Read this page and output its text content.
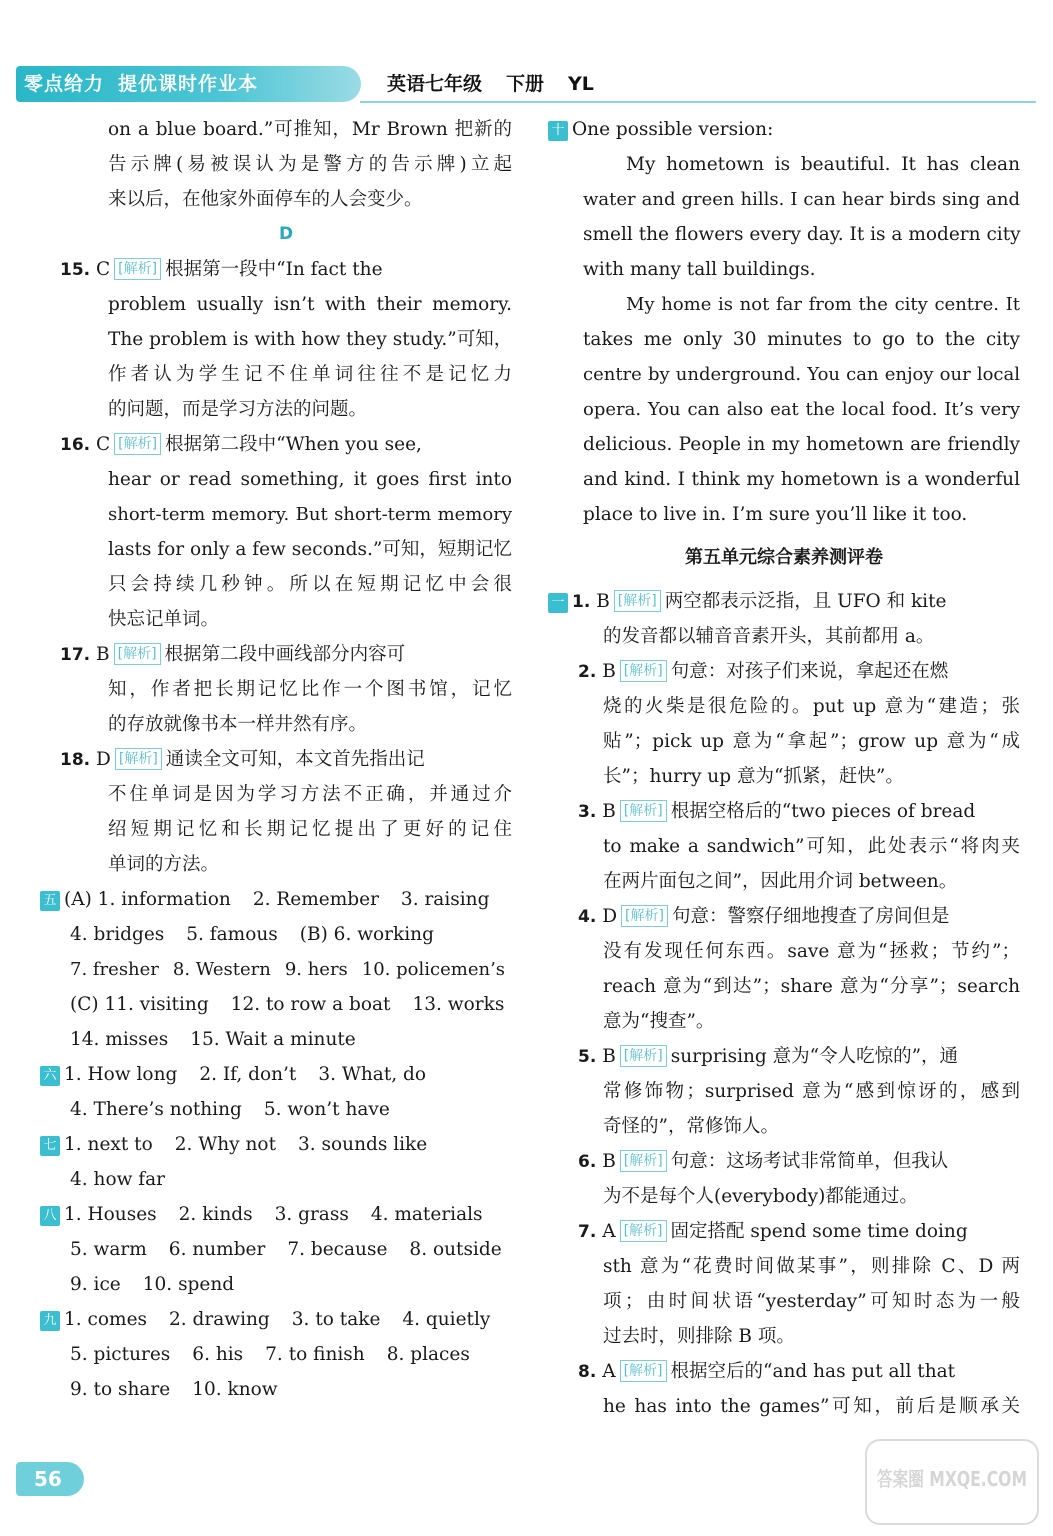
零点给力 提优课时作业本	英语七年级 下册 YL
on a blue board.”可推知，Mr Brown 把新的
告示牌(易被误认为是警方的告示牌)立起
来以后，在他家外面停车的人会变少。
D
15. C [解析] 根据第一段中“In fact the
problem usually isn’t with their memory.
The problem is with how they study.”可知，
作者认为学生记不住单词往往不是记忆力
的问题，而是学习方法的问题。
16. C [解析] 根据第二段中“When you see,
hear or read something, it goes first into
short-term memory. But short-term memory
lasts for only a few seconds.”可知，短期记忆
只会持续几秒钟。所以在短期记忆中会很
快忘记单词。
17. B [解析] 根据第二段中画线部分内容可
知，作者把长期记忆比作一个图书馆，记忆
的存放就像书本一样井然有序。
18. D [解析] 通读全文可知，本文首先指出记
不住单词是因为学习方法不正确，并通过介
绍短期记忆和长期记忆提出了更好的记住
单词的方法。
五 (A) 1. information 2. Remember 3. raising
4. bridges 5. famous (B) 6. working
7. fresher 8. Western 9. hers 10. policemen’s
(C) 11. visiting 12. to row a boat 13. works
14. misses 15. Wait a minute
六 1. How long 2. If, don’t 3. What, do
4. There’s nothing 5. won’t have
七 1. next to 2. Why not 3. sounds like
4. how far
八 1. Houses 2. kinds 3. grass 4. materials
5. warm 6. number 7. because 8. outside
9. ice 10. spend
九 1. comes 2. drawing 3. to take 4. quietly
5. pictures 6. his 7. to finish 8. places
9. to share 10. know
十 One possible version:
My hometown is beautiful. It has clean
water and green hills. I can hear birds sing and
smell the flowers every day. It is a modern city
with many tall buildings.
My home is not far from the city centre. It
takes me only 30 minutes to go to the city
centre by underground. You can enjoy our local
opera. You can also eat the local food. It’s very
delicious. People in my hometown are friendly
and kind. I think my hometown is a wonderful
place to live in. I’m sure you’ll like it too.
第五单元综合素养测评卷
一 1. B [解析] 两空都表示泛指，且 UFO 和 kite
的发音都以辅音音素开头，其前都用 a。
2. B [解析] 句意：对孩子们来说，拿起还在燃
烧的火柴是很危险的。put up 意为“建造；张
贴”；pick up 意为“拿起”；grow up 意为“成
长”；hurry up 意为“抓紧，赶快”。
3. B [解析] 根据空格后的“two pieces of bread
to make a sandwich”可知，此处表示“将肉夹
在两片面包之间”，因此用介词 between。
4. D [解析] 句意：警察仔细地搜查了房间但是
没有发现任何东西。save 意为“拯救；节约”；
reach 意为“到达”；share 意为“分享”；search
意为“搜查”。
5. B [解析] surprising 意为“令人吃惊的”，通
常修饰物；surprised 意为“感到惊讶的，感到
奇怪的”，常修饰人。
6. B [解析] 句意：这场考试非常简单，但我认
为不是每个人(everybody)都能通过。
7. A [解析] 固定搭配 spend some time doing
sth 意为“花费时间做某事”，则排除 C、D 两
项；由时间状语“yesterday”可知时态为一般
过去时，则排除 B 项。
8. A [解析] 根据空后的“and has put all that
he has into the games”可知，前后是顺承关
56	答案圈 MXQE.COM
